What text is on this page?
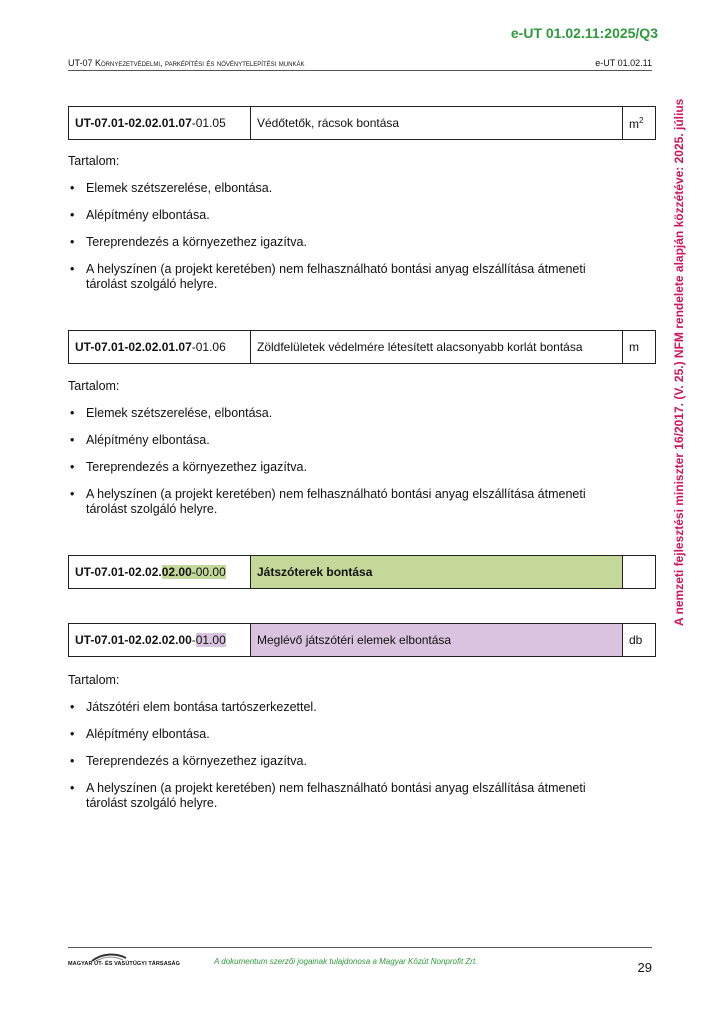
e-UT 01.02.11:2025/Q3
UT-07 Környezetvédelmi, parképítési és növénytelepítési munkák	e-UT 01.02.11
A nemzeti fejlesztési miniszter 16/2017. (V. 25.) NFM rendelete alapján közzétéve: 2025. július
UT-07.01-02.02.01.07-01.05	Védőtetők, rácsok bontása	$m^2$
Tartalom:
• Elemek szétszerelése, elbontása.
• Alépítmény elbontása.
• Tereprendezés a környezethez igazítva.
• A helyszínen (a projekt keretében) nem felhasználható bontási anyag elszállítása átmeneti tárolást szolgáló helyre.
UT-07.01-02.02.01.07-01.06	Zöldfelületek védelmére létesített alacsonyabb korlát bontása	m
Tartalom:
• Elemek szétszerelése, elbontása.
• Alépítmény elbontása.
• Tereprendezés a környezethez igazítva.
• A helyszínen (a projekt keretében) nem felhasználható bontási anyag elszállítása átmeneti tárolást szolgáló helyre.
UT-07.01-02.02.02.00-00.00	Játszóterek bontása	
UT-07.01-02.02.02.00-01.00	Meglévő játszótéri elemek elbontása	db
Tartalom:
• Játszótéri elem bontása tartószerkezettel.
• Alépítmény elbontása.
• Tereprendezés a környezethez igazítva.
• A helyszínen (a projekt keretében) nem felhasználható bontási anyag elszállítása átmeneti tárolást szolgáló helyre.
MAGYAR ÚT- ÉS VASÚTÜGYI TÁRSASÁG	A dokumentum szerzői jogainak tulajdonosa a Magyar Közút Nonprofit Zrt.	29
